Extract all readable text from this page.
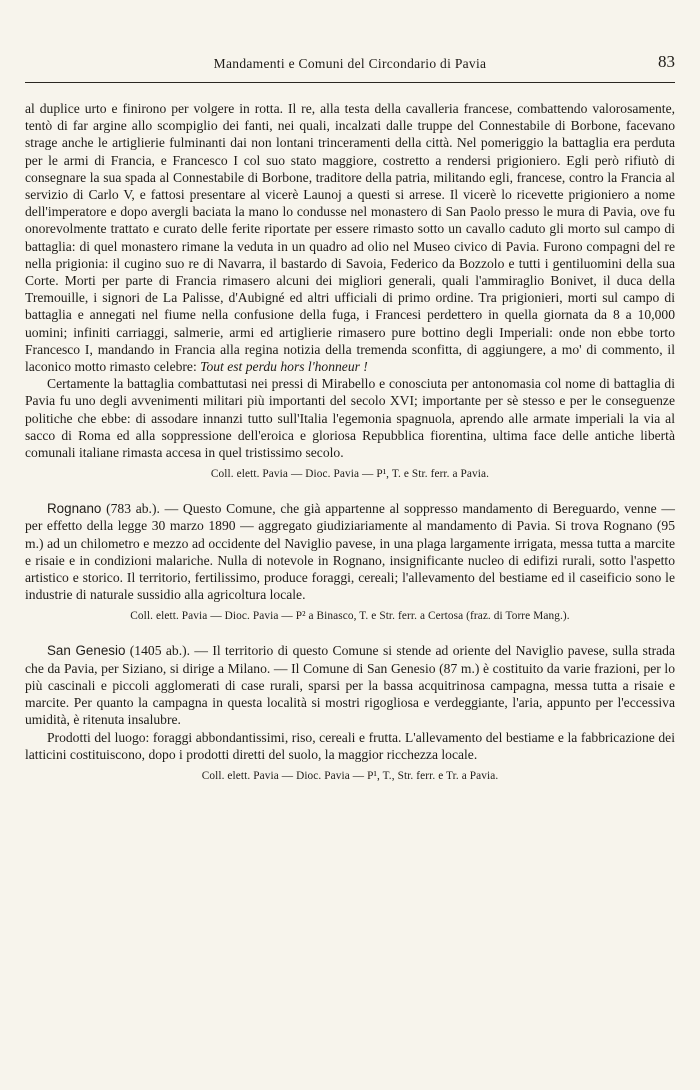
Mandamenti e Comuni del Circondario di Pavia	83

al duplice urto e finirono per volgere in rotta. Il re, alla testa della cavalleria francese, combattendo valorosamente, tentò di far argine allo scompiglio dei fanti, nei quali, incalzati dalle truppe del Connestabile di Borbone, facevano strage anche le artiglierie fulminanti dai non lontani trinceramenti della città. Nel pomeriggio la battaglia era perduta per le armi di Francia, e Francesco I col suo stato maggiore, costretto a rendersi prigioniero. Egli però rifiutò di consegnare la sua spada al Connestabile di Borbone, traditore della patria, militando egli, francese, contro la Francia al servizio di Carlo V, e fattosi presentare al vicerè Launoj a questi si arrese. Il vicerè lo ricevette prigioniero a nome dell'imperatore e dopo avergli baciata la mano lo condusse nel monastero di San Paolo presso le mura di Pavia, ove fu onorevolmente trattato e curato delle ferite riportate per essere rimasto sotto un cavallo caduto gli morto sul campo di battaglia: di quel monastero rimane la veduta in un quadro ad olio nel Museo civico di Pavia. Furono compagni del re nella prigionia: il cugino suo re di Navarra, il bastardo di Savoia, Federico da Bozzolo e tutti i gentiluomini della sua Corte. Morti per parte di Francia rimasero alcuni dei migliori generali, quali l'ammiraglio Bonivet, il duca della Tremouille, i signori de La Palisse, d'Aubigné ed altri ufficiali di primo ordine. Tra prigionieri, morti sul campo di battaglia e annegati nel fiume nella confusione della fuga, i Francesi perdettero in quella giornata da 8 a 10,000 uomini; infiniti carriaggi, salmerie, armi ed artiglierie rimasero pure bottino degli Imperiali: onde non ebbe torto Francesco I, mandando in Francia alla regina notizia della tremenda sconfitta, di aggiungere, a mo' di commento, il laconico motto rimasto celebre: Tout est perdu hors l'honneur !

Certamente la battaglia combattutasi nei pressi di Mirabello e conosciuta per antonomasia col nome di battaglia di Pavia fu uno degli avvenimenti militari più importanti del secolo XVI; importante per sè stesso e per le conseguenze politiche che ebbe: di assodare innanzi tutto sull'Italia l'egemonia spagnuola, aprendo alle armate imperiali la via al sacco di Roma ed alla soppressione dell'eroica e gloriosa Repubblica fiorentina, ultima face delle antiche libertà comunali italiane rimasta accesa in quel tristissimo secolo.

Coll. elett. Pavia — Dioc. Pavia — P¹, T. e Str. ferr. a Pavia.

Rognano (783 ab.). — Questo Comune, che già appartenne al soppresso mandamento di Bereguardo, venne — per effetto della legge 30 marzo 1890 — aggregato giudiziariamente al mandamento di Pavia. Si trova Rognano (95 m.) ad un chilometro e mezzo ad occidente del Naviglio pavese, in una plaga largamente irrigata, messa tutta a marcite e risaie e in condizioni malariche. Nulla di notevole in Rognano, insignificante nucleo di edifizi rurali, sotto l'aspetto artistico e storico. Il territorio, fertilissimo, produce foraggi, cereali; l'allevamento del bestiame ed il caseificio sono le industrie di naturale sussidio alla agricoltura locale.

Coll. elett. Pavia — Dioc. Pavia — P² a Binasco, T. e Str. ferr. a Certosa (fraz. di Torre Mang.).

San Genesio (1405 ab.). — Il territorio di questo Comune si stende ad oriente del Naviglio pavese, sulla strada che da Pavia, per Siziano, si dirige a Milano. — Il Comune di San Genesio (87 m.) è costituito da varie frazioni, per lo più cascinali e piccoli agglomerati di case rurali, sparsi per la bassa acquitrinosa campagna, messa tutta a risaie e marcite. Per quanto la campagna in questa località si mostri rigogliosa e verdeggiante, l'aria, appunto per l'eccessiva umidità, è ritenuta insalubre.

Prodotti del luogo: foraggi abbondantissimi, riso, cereali e frutta. L'allevamento del bestiame e la fabbricazione dei latticini costituiscono, dopo i prodotti diretti del suolo, la maggior ricchezza locale.

Coll. elett. Pavia — Dioc. Pavia — P¹, T., Str. ferr. e Tr. a Pavia.
